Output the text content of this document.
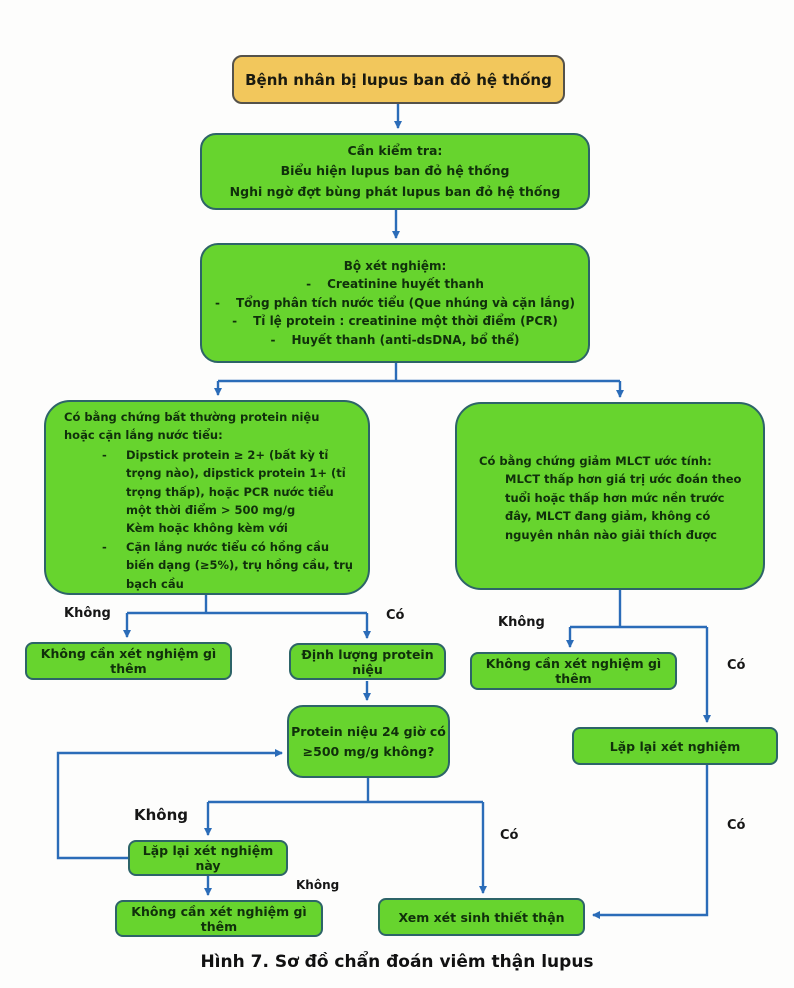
Bệnh nhân bị lupus ban đỏ hệ thống
Cần kiểm tra:
Biểu hiện lupus ban đỏ hệ thống
Nghi ngờ đợt bùng phát lupus ban đỏ hệ thống
Bộ xét nghiệm:
- Creatinine huyết thanh
- Tổng phân tích nước tiểu (Que nhúng và cặn lắng)
- Tỉ lệ protein : creatinine một thời điểm (PCR)
- Huyết thanh (anti-dsDNA, bổ thể)
Có bằng chứng bất thường protein niệu hoặc cặn lắng nước tiểu:
-	Dipstick protein ≥ 2+ (bất kỳ tỉ trọng nào), dipstick protein 1+ (tỉ trọng thấp), hoặc PCR nước tiểu một thời điểm > 500 mg/g
Kèm hoặc không kèm với
-	Cặn lắng nước tiểu có hồng cầu biến dạng (≥5%), trụ hồng cầu, trụ bạch cầu
Có bằng chứng giảm MLCT ước tính:
MLCT thấp hơn giá trị ước đoán theo tuổi hoặc thấp hơn mức nền trước đây, MLCT đang giảm, không có nguyên nhân nào giải thích được
Không cần xét nghiệm gì thêm
Định lượng protein niệu	Không cần xét nghiệm gì thêm
Protein niệu 24 giờ có
≥500 mg/g không?	Lặp lại xét nghiệm
Lặp lại xét nghiệm này
Không cần xét nghiệm gì thêm
Xem xét sinh thiết thận
Không	Có	Không
Có
Không
Có
Có
Không
Hình 7. Sơ đồ chẩn đoán viêm thận lupus
